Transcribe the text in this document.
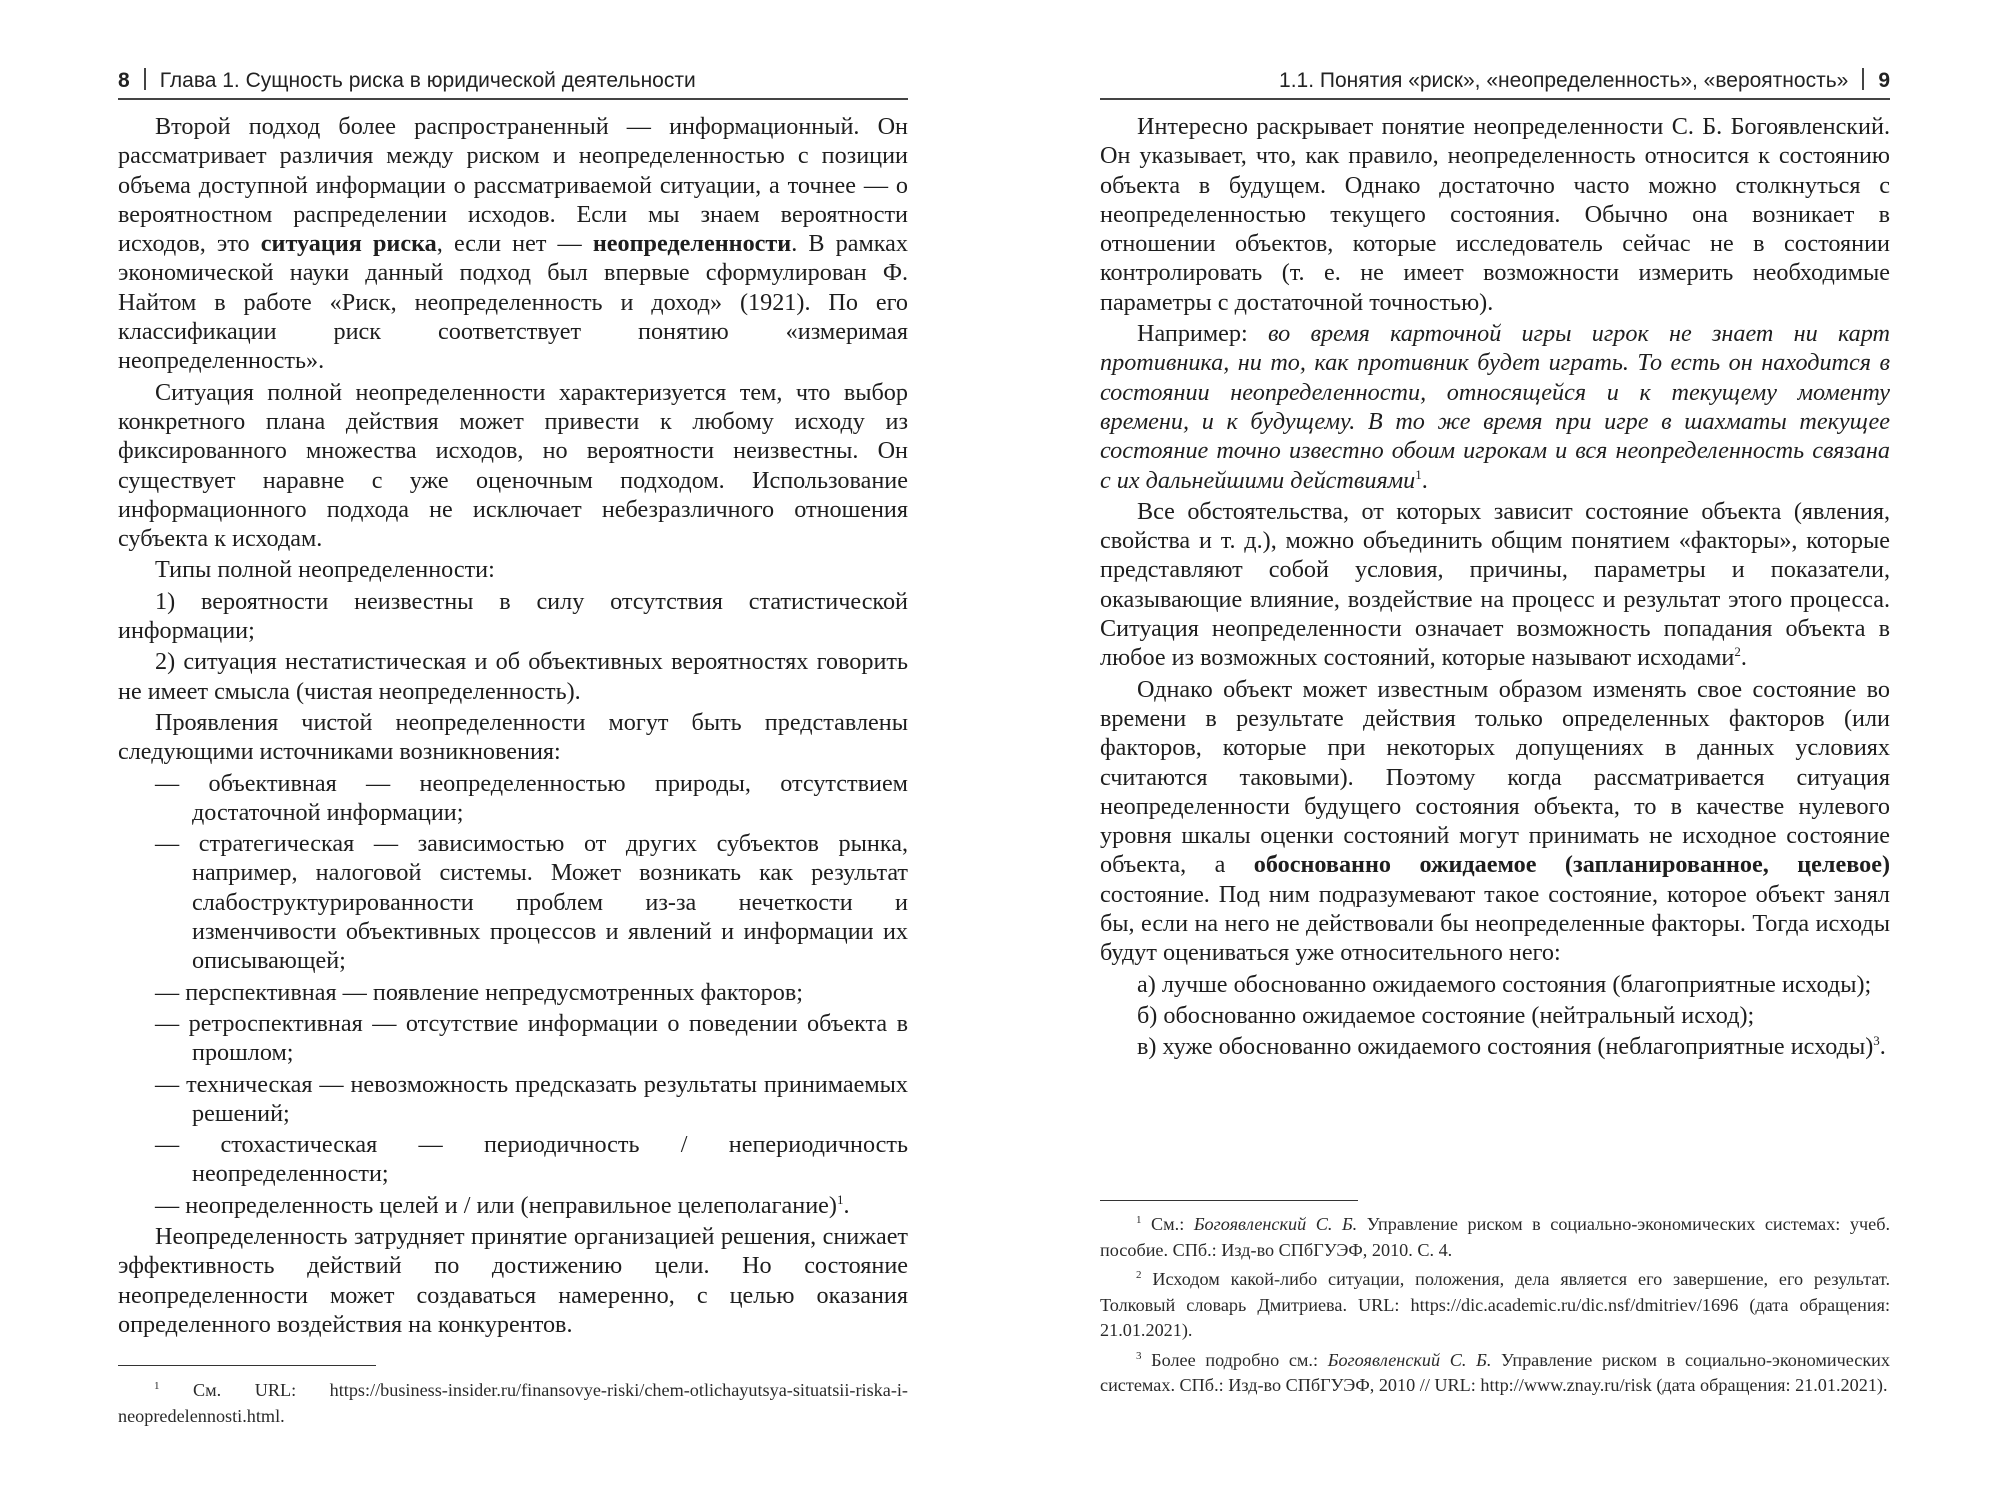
8 Глава 1. Сущность риска в юридической деятельности

Второй подход более распространенный — информационный. Он рассматривает различия между риском и неопределенностью с позиции объема доступной информации о рассматриваемой ситуации, а точнее — о вероятностном распределении исходов. Если мы знаем вероятности исходов, это ситуация риска, если нет — неопределенности. В рамках экономической науки данный подход был впервые сформулирован Ф. Найтом в работе «Риск, неопределенность и доход» (1921). По его классификации риск соответствует понятию «измеримая неопределенность».

Ситуация полной неопределенности характеризуется тем, что выбор конкретного плана действия может привести к любому исходу из фиксированного множества исходов, но вероятности неизвестны. Он существует наравне с уже оценочным подходом. Использование информационного подхода не исключает небезразличного отношения субъекта к исходам.

Типы полной неопределенности:

1) вероятности неизвестны в силу отсутствия статистической информации;

2) ситуация нестатистическая и об объективных вероятностях говорить не имеет смысла (чистая неопределенность).

Проявления чистой неопределенности могут быть представлены следующими источниками возникновения:

— объективная — неопределенностью природы, отсутствием достаточной информации;

— стратегическая — зависимостью от других субъектов рынка, например, налоговой системы. Может возникать как результат слабоструктурированности проблем из-за нечеткости и изменчивости объективных процессов и явлений и информации их описывающей;

— перспективная — появление непредусмотренных факторов;

— ретроспективная — отсутствие информации о поведении объекта в прошлом;

— техническая — невозможность предсказать результаты принимаемых решений;

— стохастическая — периодичность / непериодичность неопределенности;

— неопределенность целей и / или (неправильное целеполагание)$^1$.

Неопределенность затрудняет принятие организацией решения, снижает эффективность действий по достижению цели. Но состояние неопределенности может создаваться намеренно, с целью оказания определенного воздействия на конкурентов.

$^1$ См. URL: https://business-insider.ru/finansovye-riski/chem-otlichayutsya-situatsii-riska-i-neopredelennosti.html.

1.1. Понятия «риск», «неопределенность», «вероятность» 9

Интересно раскрывает понятие неопределенности С. Б. Богоявленский. Он указывает, что, как правило, неопределенность относится к состоянию объекта в будущем. Однако достаточно часто можно столкнуться с неопределенностью текущего состояния. Обычно она возникает в отношении объектов, которые исследователь сейчас не в состоянии контролировать (т. е. не имеет возможности измерить необходимые параметры с достаточной точностью).

Например: во время карточной игры игрок не знает ни карт противника, ни то, как противник будет играть. То есть он находится в состоянии неопределенности, относящейся и к текущему моменту времени, и к будущему. В то же время при игре в шахматы текущее состояние точно известно обоим игрокам и вся неопределенность связана с их дальнейшими действиями$^1$.

Все обстоятельства, от которых зависит состояние объекта (явления, свойства и т. д.), можно объединить общим понятием «факторы», которые представляют собой условия, причины, параметры и показатели, оказывающие влияние, воздействие на процесс и результат этого процесса. Ситуация неопределенности означает возможность попадания объекта в любое из возможных состояний, которые называют исходами$^2$.

Однако объект может известным образом изменять свое состояние во времени в результате действия только определенных факторов (или факторов, которые при некоторых допущениях в данных условиях считаются таковыми). Поэтому когда рассматривается ситуация неопределенности будущего состояния объекта, то в качестве нулевого уровня шкалы оценки состояний могут принимать не исходное состояние объекта, а обоснованно ожидаемое (запланированное, целевое) состояние. Под ним подразумевают такое состояние, которое объект занял бы, если на него не действовали бы неопределенные факторы. Тогда исходы будут оцениваться уже относительного него:

а) лучше обоснованно ожидаемого состояния (благоприятные исходы);

б) обоснованно ожидаемое состояние (нейтральный исход);

в) хуже обоснованно ожидаемого состояния (неблагоприятные исходы)$^3$.

$^1$ См.: Богоявленский С. Б. Управление риском в социально-экономических системах: учеб. пособие. СПб.: Изд-во СПбГУЭФ, 2010. С. 4.

$^2$ Исходом какой-либо ситуации, положения, дела является его завершение, его результат. Толковый словарь Дмитриева. URL: https://dic.academic.ru/dic.nsf/dmitriev/1696 (дата обращения: 21.01.2021).

$^3$ Более подробно см.: Богоявленский С. Б. Управление риском в социально-экономических системах. СПб.: Изд-во СПбГУЭФ, 2010 // URL: http://www.znay.ru/risk (дата обращения: 21.01.2021).
